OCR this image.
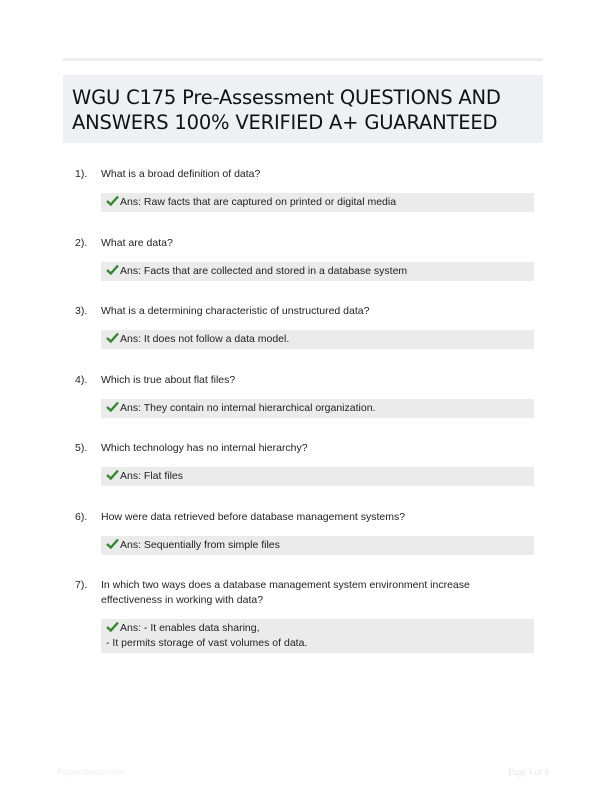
WGU C175 Pre-Assessment QUESTIONS AND ANSWERS 100% VERIFIED A+ GUARANTEED
1). What is a broad definition of data?
Ans: Raw facts that are captured on printed or digital media
2). What are data?
Ans: Facts that are collected and stored in a database system
3). What is a determining characteristic of unstructured data?
Ans: It does not follow a data model.
4). Which is true about flat files?
Ans: They contain no internal hierarchical organization.
5). Which technology has no internal hierarchy?
Ans: Flat files
6). How were data retrieved before database management systems?
Ans: Sequentially from simple files
7). In which two ways does a database management system environment increase effectiveness in working with data?
Ans: - It enables data sharing,
- It permits storage of vast volumes of data.
Papersbase.com	Page 1 of 8
